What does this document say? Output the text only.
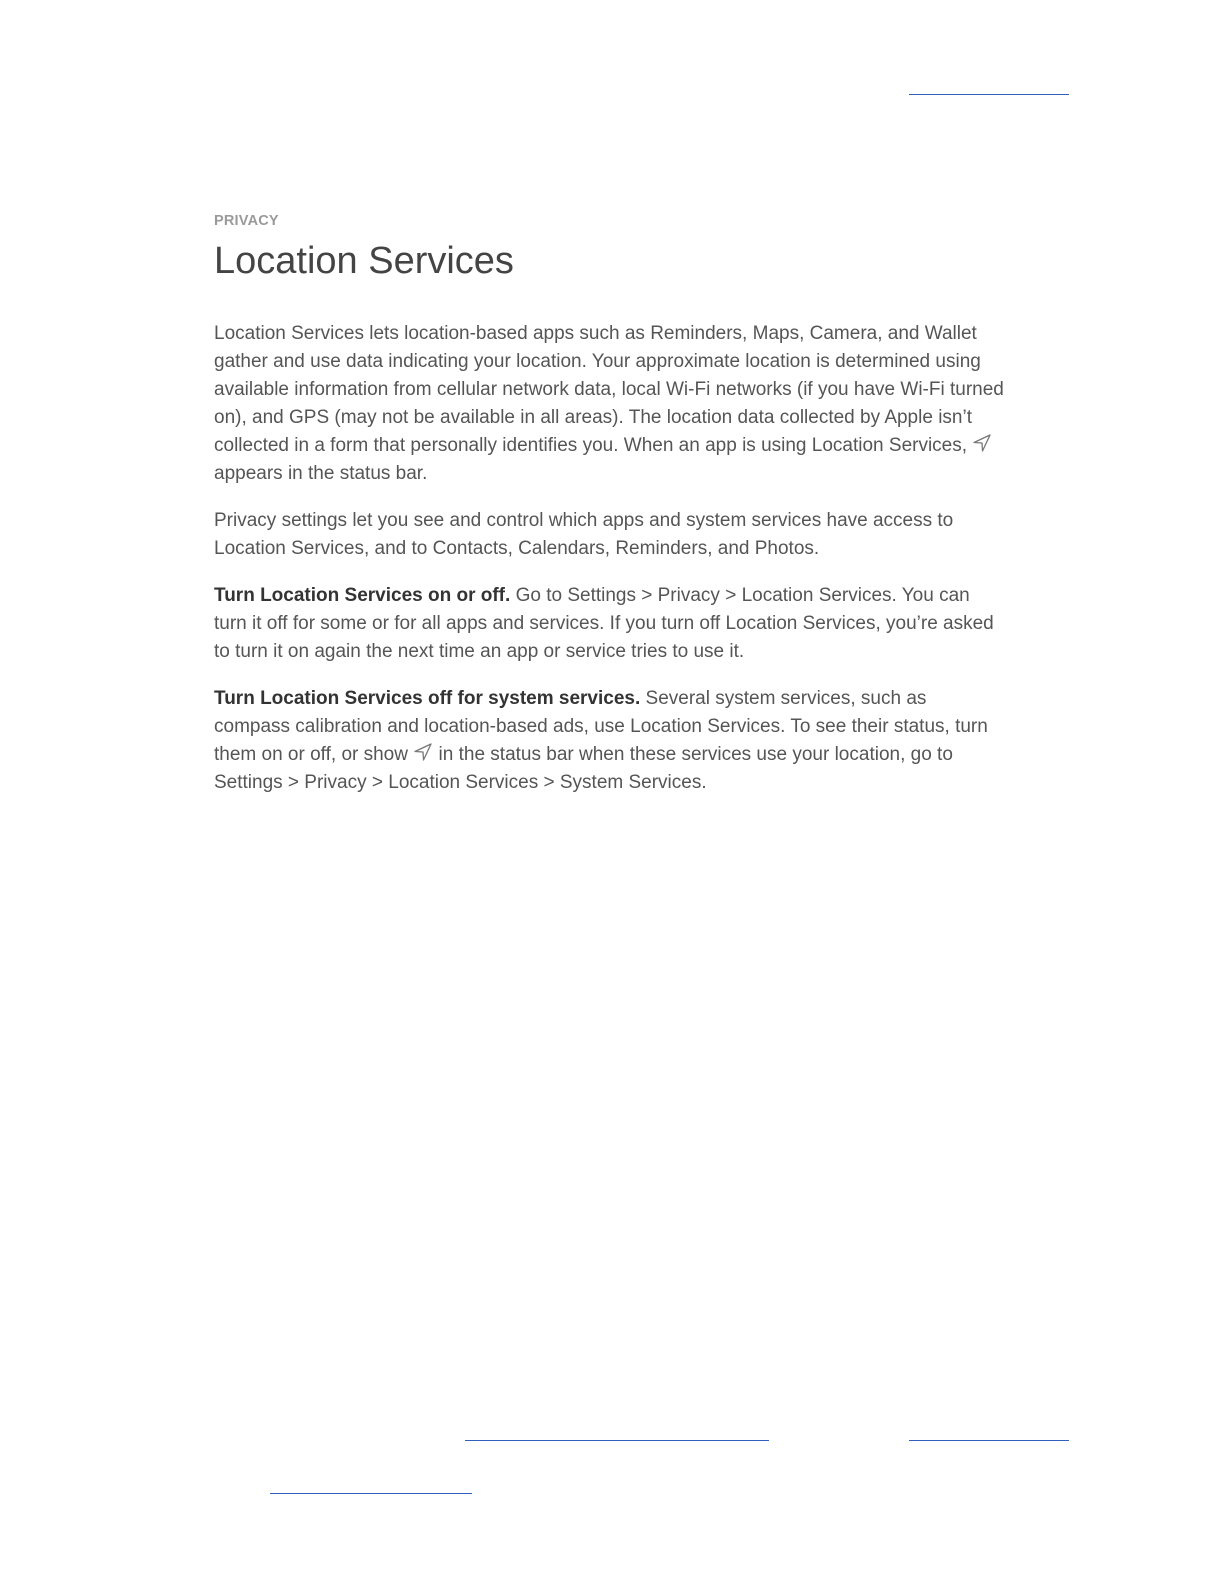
PRIVACY

Location Services

Location Services lets location-based apps such as Reminders, Maps, Camera, and Wallet gather and use data indicating your location. Your approximate location is determined using available information from cellular network data, local Wi-Fi networks (if you have Wi-Fi turned on), and GPS (may not be available in all areas). The location data collected by Apple isn’t collected in a form that personally identifies you. When an app is using Location Services,
appears in the status bar.

Privacy settings let you see and control which apps and system services have access to Location Services, and to Contacts, Calendars, Reminders, and Photos.

Turn Location Services on or off. Go to Settings > Privacy > Location Services. You can turn it off for some or for all apps and services. If you turn off Location Services, you’re asked to turn it on again the next time an app or service tries to use it.

Turn Location Services off for system services. Several system services, such as compass calibration and location-based ads, use Location Services. To see their status, turn them on or off, or show in the status bar when these services use your location, go to Settings > Privacy > Location Services > System Services.
